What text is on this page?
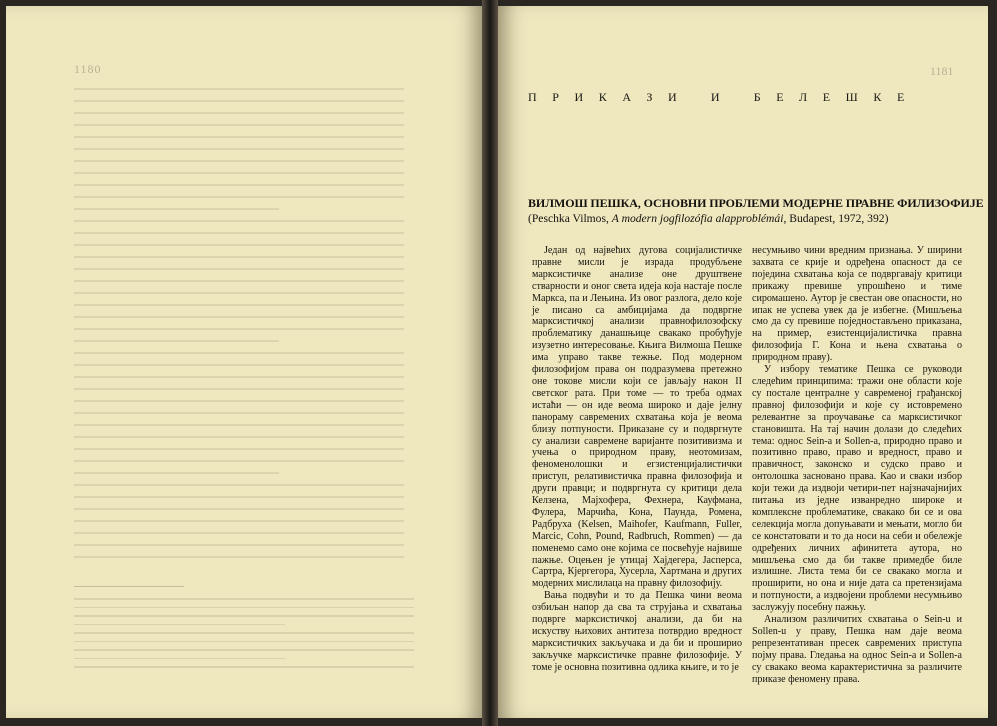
1180	1181
ПРИКАЗИ И БЕЛЕШКЕ
ВИЛМОШ ПЕШКА, ОСНОВНИ ПРОБЛЕМИ МОДЕРНЕ ПРАВНЕ ФИЛИЗОФИЈЕ
(Peschka Vilmos, A modern jogfilozófia alapproblémái, Budapest, 1972, 392)

Један од највећих дугова социјалистичке правне мисли је израда продубљене марксистичке анализе оне друштвене стварности и оног света идеја која настаје после Маркса, па и Лењина. Из овог разлога, дело које је писано са амбицијама да подвргне марксистичкој анализи правнофилозофску проблематику данашњице свакако пробуђује изузетно интересовање. Књига Вилмоша Пешке има управо такве тежње. Под модерном филозофијом права он подразумева претежно оне токове мисли који се јављају након II светског рата. При томе — то треба одмах истаћи — он иде веома широко и даје јелну панораму савремених схватања која је веома близу потпуности. Приказане су и подвргнуте су анализи савремене варијанте позитивизма и учења о природном праву, неотомизам, феноменолошки и егзистенцијалистички приступ, релативистичка правна филозофија и други правци; и подвргнута су критици дела Келзена, Мајхофера, Фехнера, Кауфмана, Фулера, Марчића, Кона, Паунда, Ромена, Радбруха (Kelsen, Maihofer, Kaufmann, Fuller, Marcic, Cohn, Pound, Radbruch, Rommen) — да поменемо само оне којима се посвећује највише пажње. Оцењен је утицај Хајдегера, Јасперса, Сартра, Кјергегора, Хусерла, Хартмана и других модерних мислилаца на правну филозофију.

Вања подвући и то да Пешка чини веома озбиљан напор да сва та струјања и схватања подврге марксистичкој анализи, да би на искуству њихових антитеза потврдио вредност марксистичких закључака и да би и проширио закључке марксистичке правне филозофије. У томе је основна позитивна одлика књиге, и то је

несумњиво чини вредним признања. У ширини захвата се крије и одређена опасност да се поједина схватања која се подвргавају критици прикажу превише упрошћено и тиме сиромашено. Аутор је свестан ове опасности, но ипак не успева увек да је избегне. (Мишљења смо да су превише поједностављено приказана, на пример, езистенцијалистичка правна филозофија Г. Кона и њена схватања о природном праву).

У избору тематике Пешка се руководи следећим принципима: тражи оне области које су постале централне у савременој грађанској правној филозофији и које су истовремено релевантне за проучавање са марксистичког становишта. На тај начин долази до следећих тема: однос Sein-a и Sollen-a, природно право и позитивно право, право и вредност, право и правичност, законско и судско право и онтолошка засновано права. Као и сваки избор који тежи да издвоји четири-пет најзначајнијих питања из једне изванредно широке и комплексне проблематике, свакако би се и ова селекција могла допуњавати и мењати, могло би се констатовати и то да носи на себи и обележје одређених личних афинитета аутора, но мишљења смо да би такве примедбе биле излишне. Листа тема би се свакако могла и проширити, но она и није дата са претензијама и потпуности, а издвојени проблеми несумњиво заслужују посебну пажњу.

Анализом различитих схватања о Sein-u и Sollen-u у праву, Пешка нам даје веома репрезентативан пресек савремених приступа појму права. Гледања на однос Sein-a и Sollen-a су свакако веома карактеристична за различите приказе феномену права.
